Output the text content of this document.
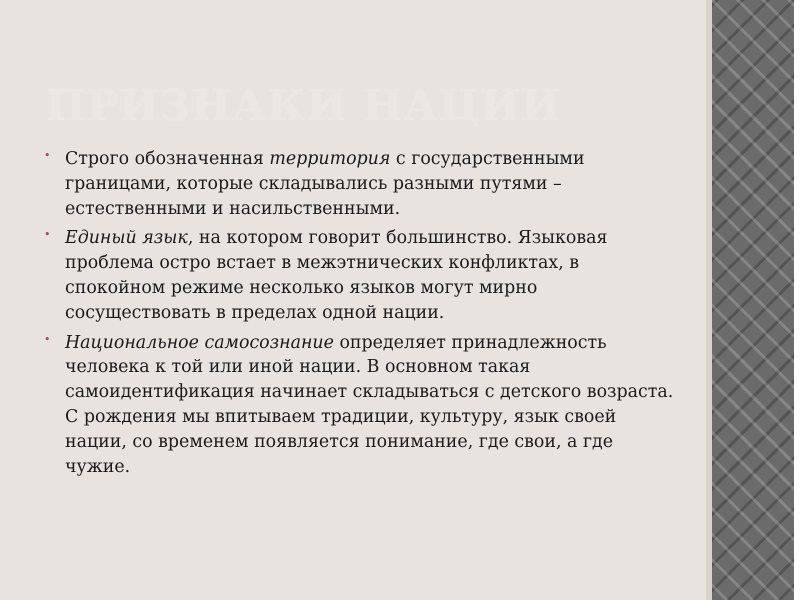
ПРИЗНАКИ НАЦИИ
• Строго обозначенная территория с государственными границами, которые складывались разными путями – естественными и насильственными.
• Единый язык, на котором говорит большинство. Языковая проблема остро встает в межэтнических конфликтах, в спокойном режиме несколько языков могут мирно сосуществовать в пределах одной нации.
• Национальное самосознание определяет принадлежность человека к той или иной нации. В основном такая самоидентификация начинает складываться с детского возраста. С рождения мы впитываем традиции, культуру, язык своей нации, со временем появляется понимание, где свои, а где чужие.
